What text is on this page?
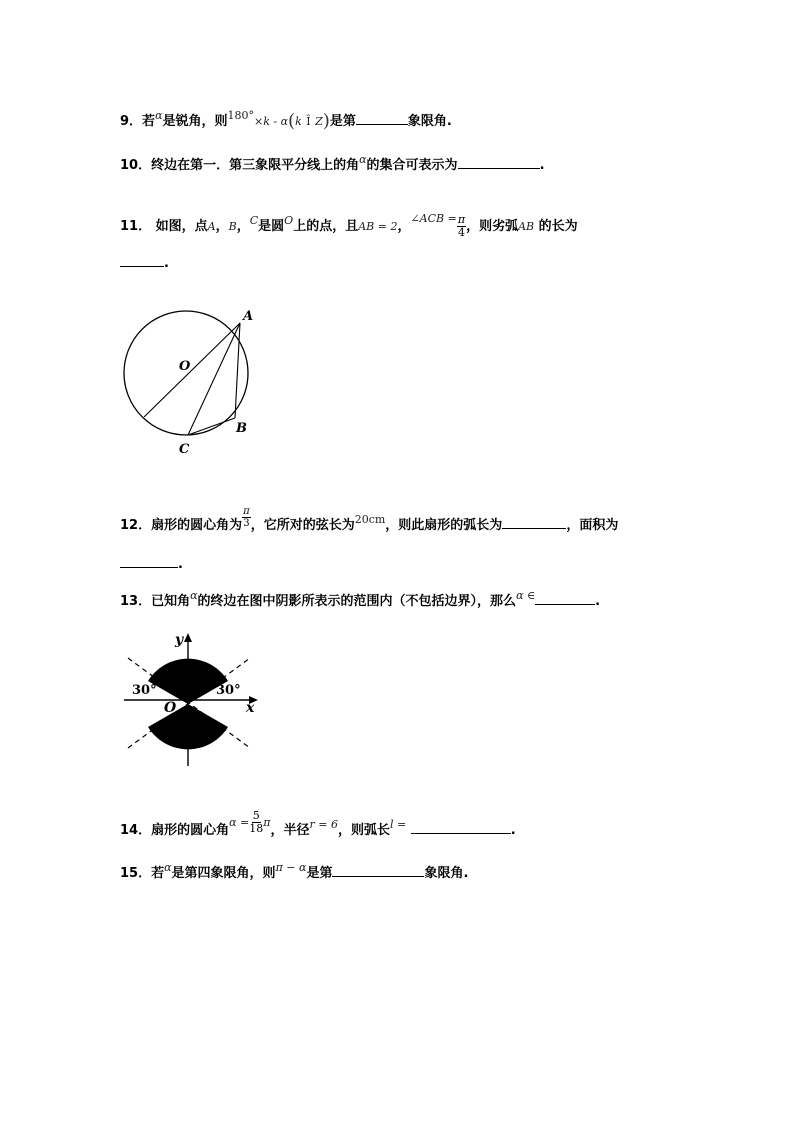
9．若$^\alpha$是锐角，则$^{180^\circ}$×k - α(k Î Z)是第	象限角.
10．终边在第一．第三象限平分线上的角$^\alpha$的集合可表示为	.
11． 如图，点A，B，$^C$是圆$^O$上的点，且AB = 2，$^{\angle ACB =} \frac{\pi}{4}$ ，则劣弧AB 的长为
.
A
O
B
C
12．扇形的圆心角为 $\frac{\pi}{3}$ ，它所对的弦长为$^{20cm}$，则此扇形的弧长为	，面积为
.
13．已知角$^\alpha$的终边在图中阴影所表示的范围内（不包括边界），那么$^{\alpha \in}$	.
y
x
O
30°	30°
14．扇形的圆心角$^{\alpha =} \frac{5}{18} ^\pi$，半径$^{r = 6}$，则弧长$^{l =}$	.
15．若$^\alpha$是第四象限角，则$^{\pi - \alpha}$是第	象限角.
